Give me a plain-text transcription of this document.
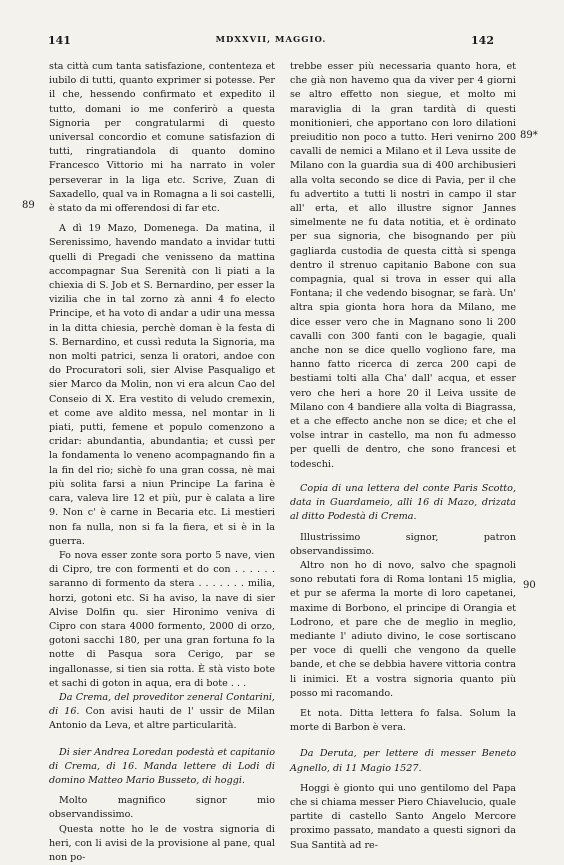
141	MDXXVII, MAGGIO.	142
89
89*
90

sta città cum tanta satisfazione, contenteza et iubilo di tutti, quanto exprimer si potesse. Per il che, hessendo confirmato et expedito il tutto, domani io me conferirò a questa Signoria per congratularmi di questo universal concordio et comune satisfazion di tutti, ringratiandola di quanto domino Francesco Vittorio mi ha narrato in voler perseverar in la liga etc. Scrive, Zuan di Saxadello, qual va in Romagna a li soi castelli, è stato da mi offerendosi di far etc.

A dì 19 Mazo, Domenega. Da matina, il Serenissimo, havendo mandato a invidar tutti quelli di Pregadi che venisseno da mattina accompagnar Sua Serenità con li piati a la chiexia di S. Job et S. Bernardino, per esser la vizilia che in tal zorno zà anni 4 fo electo Principe, et ha voto di andar a udir una messa in la ditta chiesia, perchè doman è la festa di S. Bernardino, et cussì reduta la Signoria, ma non molti patrici, senza li oratori, andoe con do Procuratori soli, sier Alvise Pasqualigo et sier Marco da Molin, non vi era alcun Cao del Conseio di X. Era vestito di veludo cremexin, et come ave aldito messa, nel montar in li piati, putti, femene et populo comenzono a cridar: abundantia, abundantia; et cussì per la fondamenta lo veneno acompagnando fin a la fin del rio; sichè fo una gran cossa, nè mai più solita farsi a niun Principe La farina è cara, valeva lire 12 et più, pur è calata a lire 9. Non c' è carne in Becaria etc. Li mestieri non fa nulla, non si fa la fiera, et si è in la guerra.

Fo nova esser zonte sora porto 5 nave, vien di Cipro, tre con formenti et do con . . . . . . saranno di formento da stera . . . . . . . milia, horzi, gotoni etc. Si ha aviso, la nave di sier Alvise Dolfin qu. sier Hironimo veniva di Cipro con stara 4000 formento, 2000 di orzo, gotoni sacchi 180, per una gran fortuna fo la notte di Pasqua sora Cerigo, par se ingallonasse, si tien sia rotta. È stà visto bote et sachi di goton in aqua, era di bote . . .

Da Crema, del proveditor zeneral Contarini, di 16. Con avisi hauti de l' ussir de Milan Antonio da Leva, et altre particularità.

Di sier Andrea Loredan podestà et capitanio di Crema, di 16. Manda lettere di Lodi di domino Matteo Mario Busseto, di hoggi.

Molto magnifico signor mio observandissimo.

Questa notte ho le de vostra signoria di heri, con li avisi de la provisione al pane, qual non po-

trebbe esser più necessaria quanto hora, et che già non havemo qua da viver per 4 giorni se altro effetto non siegue, et molto mi maraviglia di la gran tardità di questi monitionieri, che apportano con loro dilationi preiuditio non poco a tutto. Heri venirno 200 cavalli de nemici a Milano et il Leva ussite de Milano con la guardia sua di 400 archibusieri alla volta secondo se dice di Pavia, per il che fu advertito a tutti li nostri in campo il star all' erta, et allo illustre signor Jannes simelmente ne fu data notitia, et è ordinato per sua signoria, che bisognando per più gagliarda custodia de questa città si spenga dentro il strenuo capitanio Babone con sua compagnia, qual si trova in esser qui alla Fontana; il che vedendo bisognar, se farà. Un' altra spia gionta hora hora da Milano, me dice esser vero che in Magnano sono li 200 cavalli con 300 fanti con le bagagie, quali anche non se dice quello vogliono fare, ma hanno fatto ricerca di zerca 200 capi de bestiami tolti alla Cha' dall' acqua, et esser vero che heri a hore 20 il Leiva ussite de Milano con 4 bandiere alla volta di Biagrassa, et a che effecto anche non se dice; et che el volse intrar in castello, ma non fu admesso per quelli de dentro, che sono francesi et todeschi.

Copia di una lettera del conte Paris Scotto, data in Guardameio, alli 16 di Mazo, drizata al ditto Podestà di Crema.

Illustrissimo signor, patron observandissimo.

Altro non ho di novo, salvo che spagnoli sono rebutati fora di Roma lontani 15 miglia, et pur se aferma la morte di loro capetanei, maxime di Borbono, el principe di Orangia et Lodrono, et pare che de meglio in meglio, mediante l' adiuto divino, le cose sortiscano per voce di quelli che vengono da quelle bande, et che se debbia havere vittoria contra li inimici. Et a vostra signoria quanto più posso mi racomando.

Et nota. Ditta lettera fo falsa. Solum la morte di Barbon è vera.

Da Deruta, per lettere di messer Beneto Agnello, di 11 Magio 1527.

Hoggi è gionto qui uno gentilomo del Papa che si chiama messer Piero Chiavelucio, quale partite di castello Santo Angelo Mercore proximo passato, mandato a questi signori da Sua Santità ad re-
